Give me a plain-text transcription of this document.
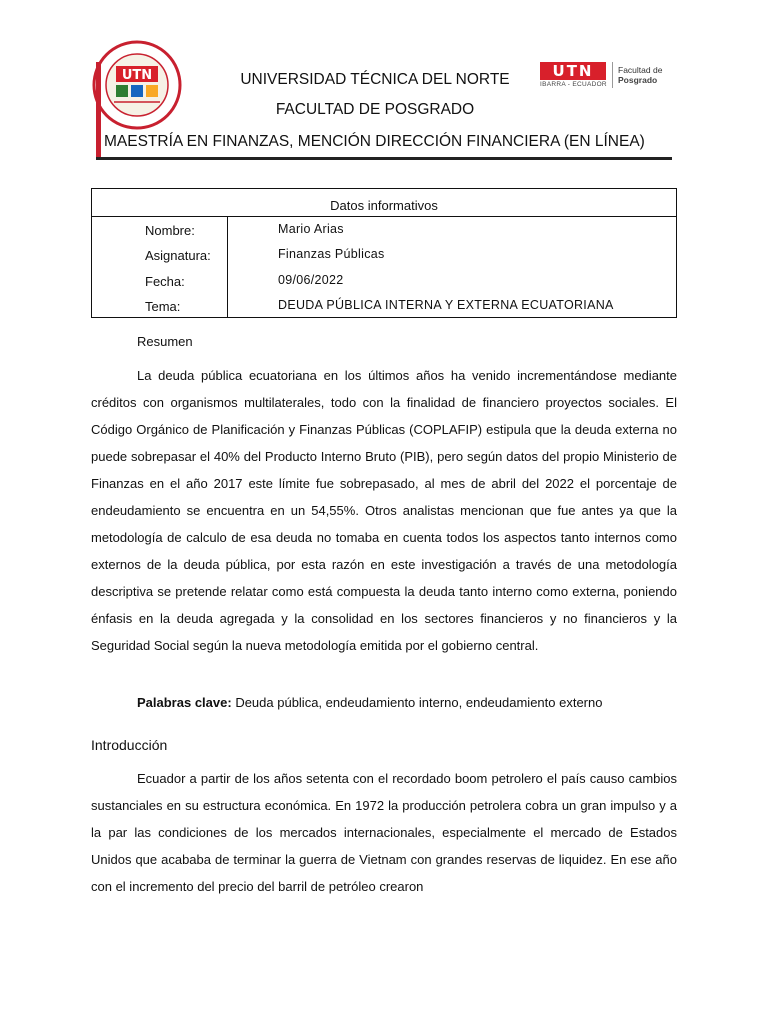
UTN	UNIVERSIDAD TÉCNICA DEL NORTE
FACULTAD DE POSGRADO
MAESTRÍA EN FINANZAS, MENCIÓN DIRECCIÓN FINANCIERA (EN LÍNEA)
UTN
IBARRA - ECUADOR
Facultad de
Posgrado
Datos informativos
Nombre:	Mario Arias
Asignatura:	Finanzas Públicas
Fecha:	09/06/2022
Tema:	DEUDA PÚBLICA INTERNA Y EXTERNA ECUATORIANA
Resumen
La deuda pública ecuatoriana en los últimos años ha venido incrementándose mediante créditos con organismos multilaterales, todo con la finalidad de financiero proyectos sociales. El Código Orgánico de Planificación y Finanzas Públicas (COPLAFIP) estipula que la deuda externa no puede sobrepasar el 40% del Producto Interno Bruto (PIB), pero según datos del propio Ministerio de Finanzas en el año 2017 este límite fue sobrepasado, al mes de abril del 2022 el porcentaje de endeudamiento se encuentra en un 54,55%. Otros analistas mencionan que fue antes ya que la metodología de calculo de esa deuda no tomaba en cuenta todos los aspectos tanto internos como externos de la deuda pública, por esta razón en este investigación a través de una metodología descriptiva se pretende relatar como está compuesta la deuda tanto interno como externa, poniendo énfasis en la deuda agregada y la consolidad en los sectores financieros y no financieros y la Seguridad Social según la nueva metodología emitida por el gobierno central.
Palabras clave: Deuda pública, endeudamiento interno, endeudamiento externo
Introducción
Ecuador a partir de los años setenta con el recordado boom petrolero el país causo cambios sustanciales en su estructura económica. En 1972 la producción petrolera cobra un gran impulso y a la par las condiciones de los mercados internacionales, especialmente el mercado de Estados Unidos que acababa de terminar la guerra de Vietnam con grandes reservas de liquidez. En ese año con el incremento del precio del barril de petróleo crearon
